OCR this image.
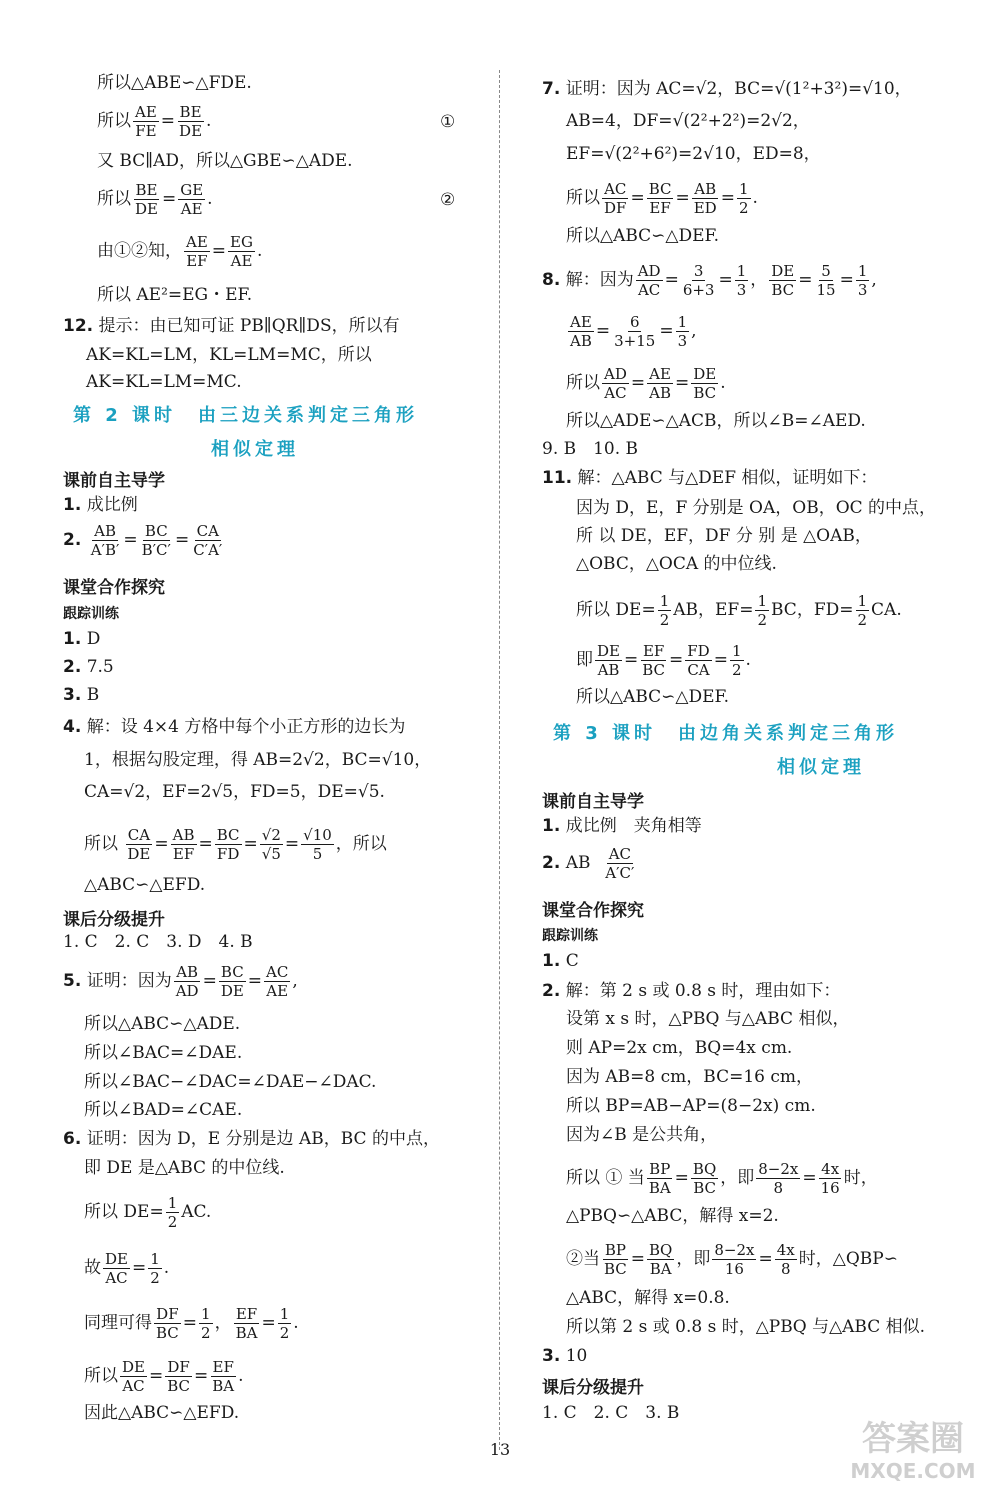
所以△ABE∽△FDE.
所以 $\frac{AE}{FE} = \frac{BE}{DE}$ .	①
又 BC∥AD，所以△GBE∽△ADE.
所以 $\frac{BE}{DE} = \frac{GE}{AE}$ .	②
由①②知， $\frac{AE}{EF} = \frac{EG}{AE}$ .
所以 AE²=EG・EF.
12. 提示：由已知可证 PB∥QR∥DS，所以有
AK=KL=LM，KL=LM=MC，所以
AK=KL=LM=MC.
第 2 课时　由三边关系判定三角形
相似定理
课前自主导学
1. 成比例
2. $\frac{AB}{A'B'} = \frac{BC}{B'C'} = \frac{CA}{C'A'}$
课堂合作探究
跟踪训练
1. D
2. 7.5
3. B
4. 解：设 4×4 方格中每个小正方形的边长为
1，根据勾股定理，得 AB=2√2，BC=√10，
CA=√2，EF=2√5，FD=5，DE=√5.
所以 $\frac{CA}{DE} = \frac{AB}{EF} = \frac{BC}{FD} = \frac{√2}{√5} = \frac{√10}{5}$ ，所以
△ABC∽△EFD.
课后分级提升
1. C　2. C　3. D　4. B
5. 证明：因为 $\frac{AB}{AD} = \frac{BC}{DE} = \frac{AC}{AE}$ ,
所以△ABC∽△ADE.
所以∠BAC=∠DAE.
所以∠BAC−∠DAC=∠DAE−∠DAC.
所以∠BAD=∠CAE.
6. 证明：因为 D，E 分别是边 AB，BC 的中点，
即 DE 是△ABC 的中位线.
所以 $DE= \frac{1}{2}$ AC.
故 $\frac{DE}{AC} = \frac{1}{2}$ .
同理可得 $\frac{DF}{BC} = \frac{1}{2}$ ， $\frac{EF}{BA} = \frac{1}{2}$ .
所以 $\frac{DE}{AC} = \frac{DF}{BC} = \frac{EF}{BA}$ .
因此△ABC∽△EFD.
7. 证明：因为 AC=√2，BC=√(1²+3²)=√10，
AB=4，DF=√(2²+2²)=2√2，
EF=√(2²+6²)=2√10，ED=8，
所以 $\frac{AC}{DF} = \frac{BC}{EF} = \frac{AB}{ED} = \frac{1}{2}$ .
所以△ABC∽△DEF.
8. 解：因为 $\frac{AD}{AC} = \frac{3}{6+3} = \frac{1}{3}$ ， $\frac{DE}{BC} = \frac{5}{15} = \frac{1}{3}$ ,
$\frac{AE}{AB} = \frac{6}{3+15} = \frac{1}{3}$ ,
所以 $\frac{AD}{AC} = \frac{AE}{AB} = \frac{DE}{BC}$ .
所以△ADE∽△ACB，所以∠B=∠AED.
9. B　10. B
11. 解：△ABC 与△DEF 相似，证明如下：
因为 D，E，F 分别是 OA，OB，OC 的中点，
所 以 DE，EF，DF 分 别 是 △OAB，
△OBC，△OCA 的中位线.
所以 $DE= \frac{1}{2}$ AB，$EF= \frac{1}{2}$ BC，$FD= \frac{1}{2}$ CA.
即 $\frac{DE}{AB} = \frac{EF}{BC} = \frac{FD}{CA} = \frac{1}{2}$ .
所以△ABC∽△DEF.
第 3 课时　由边角关系判定三角形
相似定理
课前自主导学
1. 成比例　夹角相等
2. AB $\frac{AC}{A'C'}$
课堂合作探究
跟踪训练
1. C
2. 解：第 2 s 或 0.8 s 时，理由如下：
设第 x s 时，△PBQ 与△ABC 相似，
则 AP=2x cm，BQ=4x cm.
因为 AB=8 cm，BC=16 cm，
所以 BP=AB−AP=(8−2x) cm.
因为∠B 是公共角，
所以 ① 当 $\frac{BP}{BA} = \frac{BQ}{BC}$ ，即 $\frac{8-2x}{8} = \frac{4x}{16}$ 时，
△PBQ∽△ABC，解得 x=2.
②当 $\frac{BP}{BC} = \frac{BQ}{BA}$ ，即 $\frac{8-2x}{16} = \frac{4x}{8}$ 时，△QBP∽
△ABC，解得 x=0.8.
所以第 2 s 或 0.8 s 时，△PBQ 与△ABC 相似.
3. 10
课后分级提升
1. C　2. C　3. B
13	答案圈
MXQE.COM
